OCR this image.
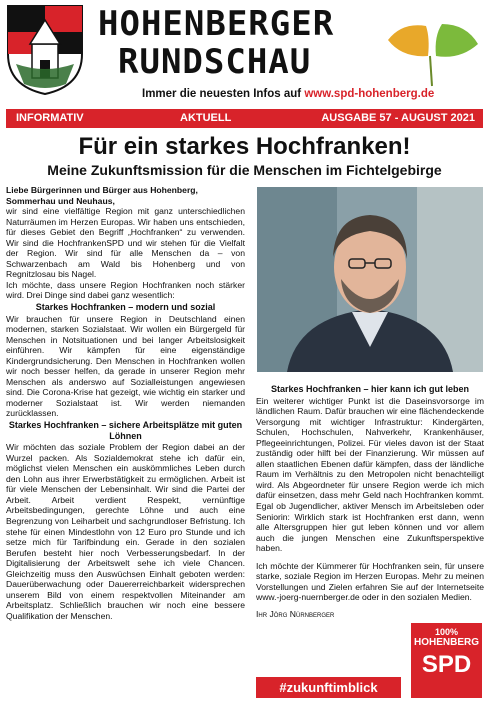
HOHENBERGER
RUNDSCHAU
Immer die neuesten Infos auf www.spd-hohenberg.de
INFORMATIV	AKTUELL	AUSGABE 57 - AUGUST 2021
Für ein starkes Hochfranken!
Meine Zukunftsmission für die Menschen im Fichtelgebirge

Liebe Bürgerinnen und Bürger aus Hohenberg, Sommerhau und Neuhaus,

wir sind eine vielfältige Region mit ganz unterschiedlichen Naturräumen im Herzen Europas. Wir haben uns entschieden, für dieses Gebiet den Begriff „Hochfranken“ zu verwenden. Wir sind die HochfrankenSPD und wir stehen für die Vielfalt der Region. Wir sind für alle Menschen da – von Schwarzenbach am Wald bis Hohenberg und von Regnitzlosau bis Nagel.

Ich möchte, dass unsere Region Hochfranken noch stärker wird. Drei Dinge sind dabei ganz wesentlich:

Starkes Hochfranken – modern und sozial

Wir brauchen für unsere Region in Deutschland einen modernen, starken Sozialstaat. Wir wollen ein Bürgergeld für Menschen in Notsituationen und bei langer Arbeitslosigkeit einführen. Wir kämpfen für eine eigenständige Kindergrundsicherung. Den Menschen in Hochfranken wollen wir noch besser helfen, da gerade in unserer Region mehr Menschen als anderswo auf Sozialleistungen angewiesen sind. Die Corona-Krise hat gezeigt, wie wichtig ein starker und moderner Sozialstaat ist. Wir werden niemanden zurücklassen.

Starkes Hochfranken – sichere Arbeitsplätze mit guten Löhnen

Wir möchten das soziale Problem der Region dabei an der Wurzel packen. Als Sozialdemokrat stehe ich dafür ein, möglichst vielen Menschen ein auskömmliches Leben durch den Lohn aus ihrer Erwerbstätigkeit zu ermöglichen. Arbeit ist für viele Menschen der Lebensinhalt. Wir sind die Partei der Arbeit. Arbeit verdient Respekt, vernünftige Arbeitsbedingungen, gerechte Löhne und auch eine Begrenzung von Leiharbeit und sachgrundloser Befristung. Ich stehe für einen Mindestlohn von 12 Euro pro Stunde und ich setze mich für Tarifbindung ein. Gerade in den sozialen Berufen besteht hier noch Verbesserungsbedarf. In der Digitalisierung der Arbeitswelt sehe ich viele Chancen. Gleichzeitig muss den Auswüchsen Einhalt geboten werden: Dauerüberwachung oder Dauererreichbarkeit widersprechen unserem Bild von einem respektvollen Miteinander am Arbeitsplatz. Schließlich brauchen wir noch eine bessere Qualifikation der Menschen.

Starkes Hochfranken – hier kann ich gut leben

Ein weiterer wichtiger Punkt ist die Daseinsvorsorge im ländlichen Raum. Dafür brauchen wir eine flächendeckende Versorgung mit wichtiger Infrastruktur: Kindergärten, Schulen, Hochschulen, Nahverkehr, Krankenhäuser, Pflegeeinrichtungen, Polizei. Für vieles davon ist der Staat zuständig oder hilft bei der Finanzierung. Wir müssen auf allen staatlichen Ebenen dafür kämpfen, dass der ländliche Raum im Verhältnis zu den Metropolen nicht benachteiligt wird. Als Abgeordneter für unsere Region werde ich mich dafür einsetzen, dass mehr Geld nach Hochfranken kommt. Egal ob Jugendlicher, aktiver Mensch im Arbeitsleben oder Seniorin: Wirklich stark ist Hochfranken erst dann, wenn alle Altersgruppen hier gut leben können und vor allem auch die jungen Menschen eine Zukunftsperspektive haben.

Ich möchte der Kümmerer für Hochfranken sein, für unsere starke, soziale Region im Herzen Europas. Mehr zu meinen Vorstellungen und Zielen erfahren Sie auf der Internetseite www.-joerg-nuernberger.de oder in den sozialen Medien.

Ihr Jörg Nürnberger

100%
HOHENBERG
SPD
#zukunftimblick
